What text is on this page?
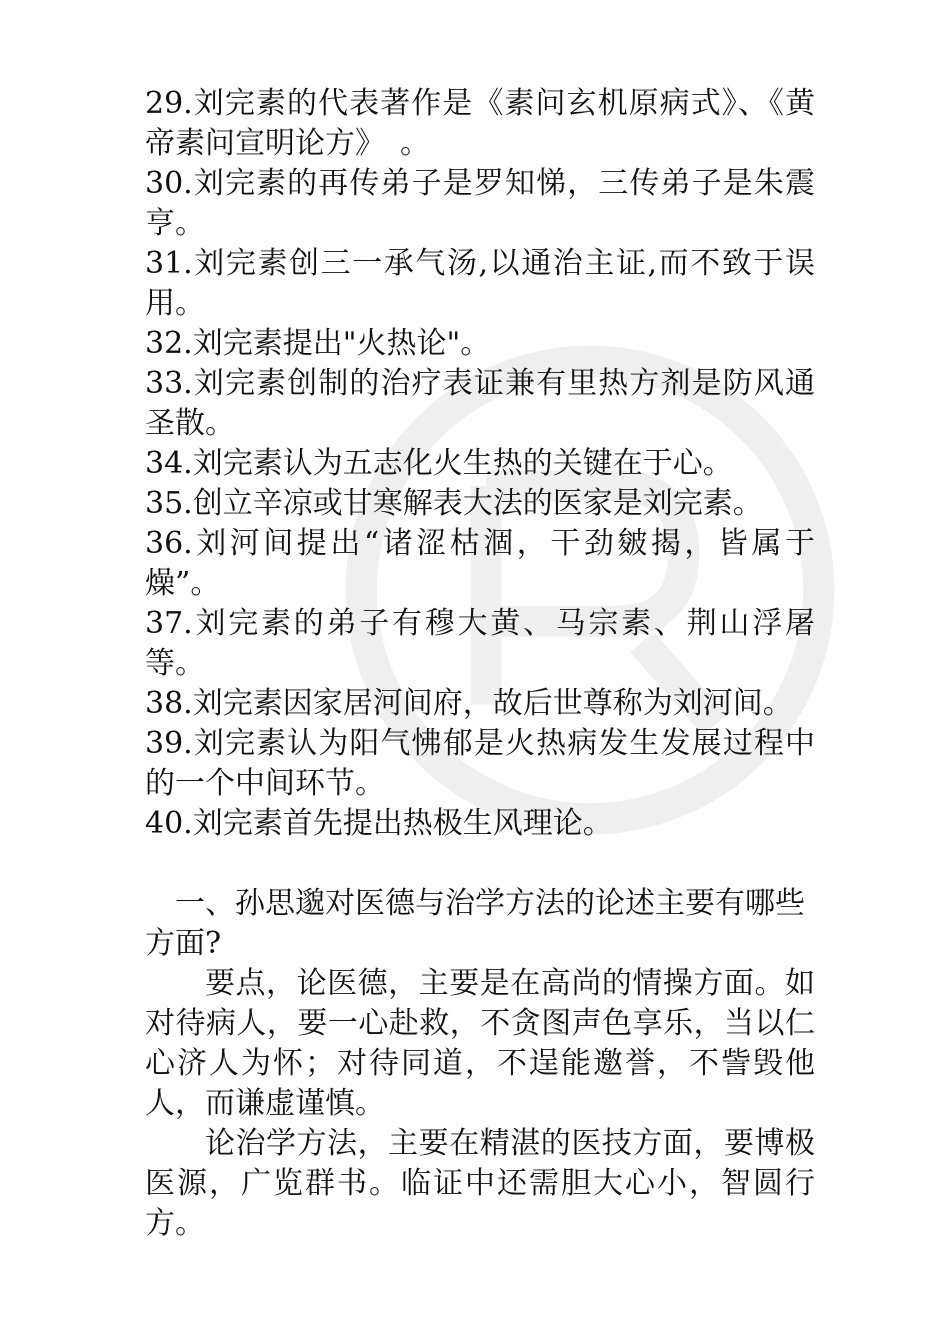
29.刘完素的代表著作是《素问玄机原病式》、《黄帝素问宣明论方》　。

30.刘完素的再传弟子是罗知悌，三传弟子是朱震亨。

31.刘完素创三一承气汤,以通治主证,而不致于误用。

32.刘完素提出"火热论"。

33.刘完素创制的治疗表证兼有里热方剂是防风通圣散。

34.刘完素认为五志化火生热的关键在于心。

35.创立辛凉或甘寒解表大法的医家是刘完素。

36.刘河间提出“诸涩枯涸，干劲皴揭，皆属于燥”。

37.刘完素的弟子有穆大黄、马宗素、荆山浮屠等。

38.刘完素因家居河间府，故后世尊称为刘河间。

39.刘完素认为阳气怫郁是火热病发生发展过程中的一个中间环节。

40.刘完素首先提出热极生风理论。

一、孙思邈对医德与治学方法的论述主要有哪些方面?

要点，论医德，主要是在高尚的情操方面。如对待病人，要一心赴救，不贪图声色享乐，当以仁心济人为怀；对待同道，不逞能邀誉，不訾毁他人，而谦虚谨慎。

论治学方法，主要在精湛的医技方面，要博极医源，广览群书。临证中还需胆大心小，智圆行方。
